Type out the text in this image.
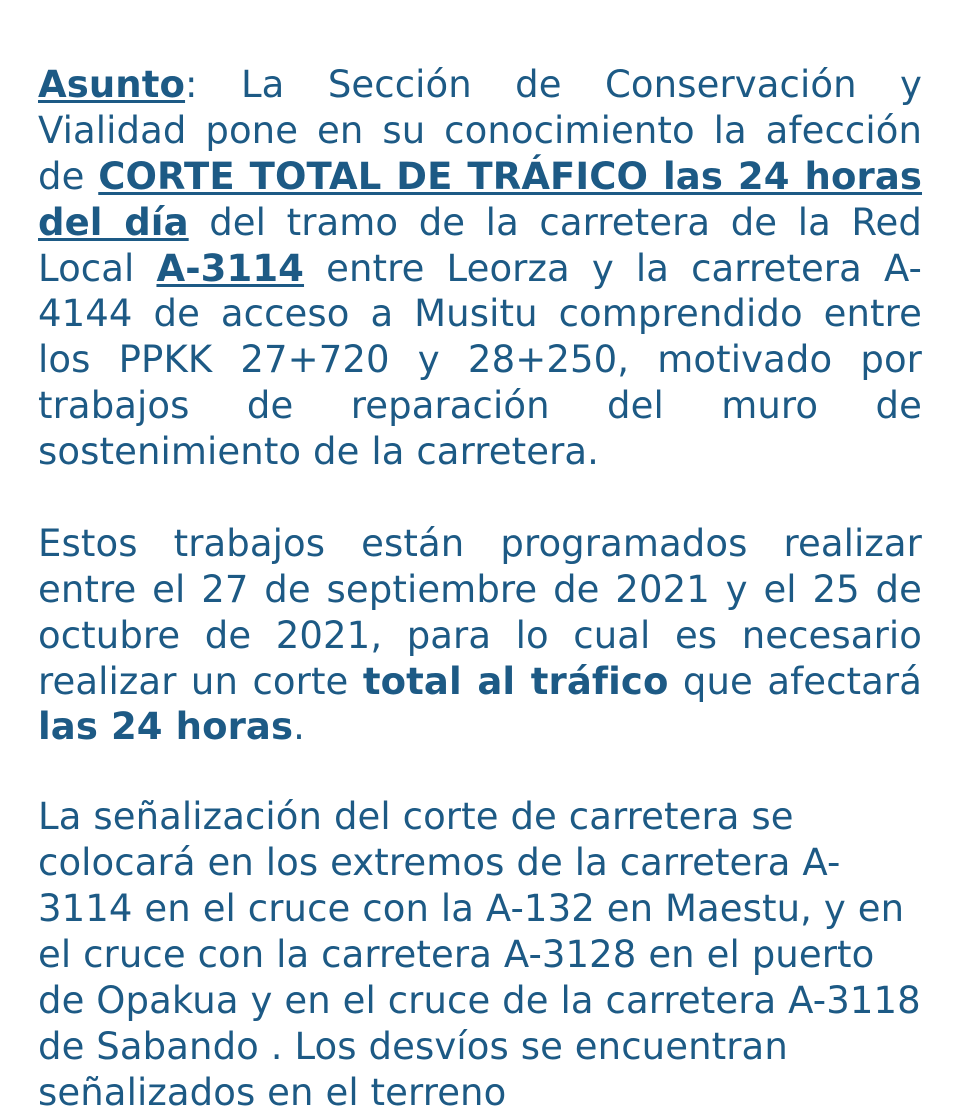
Asunto: La Sección de Conservación y Vialidad pone en su conocimiento la afección de CORTE TOTAL DE TRÁFICO las 24 horas del día del tramo de la carretera de la Red Local A-3114 entre Leorza y la carretera A-4144 de acceso a Musitu comprendido entre los PPKK 27+720 y 28+250, motivado por trabajos de reparación del muro de sostenimiento de la carretera.

Estos trabajos están programados realizar entre el 27 de septiembre de 2021 y el 25 de octubre de 2021, para lo cual es necesario realizar un corte total al tráfico que afectará las 24 horas.

La señalización del corte de carretera se colocará en los extremos de la carretera A-3114 en el cruce con la A-132 en Maestu, y en el cruce con la carretera A-3128 en el puerto de Opakua y en el cruce de la carretera A-3118 de Sabando . Los desvíos se encuentran señalizados en el terreno
